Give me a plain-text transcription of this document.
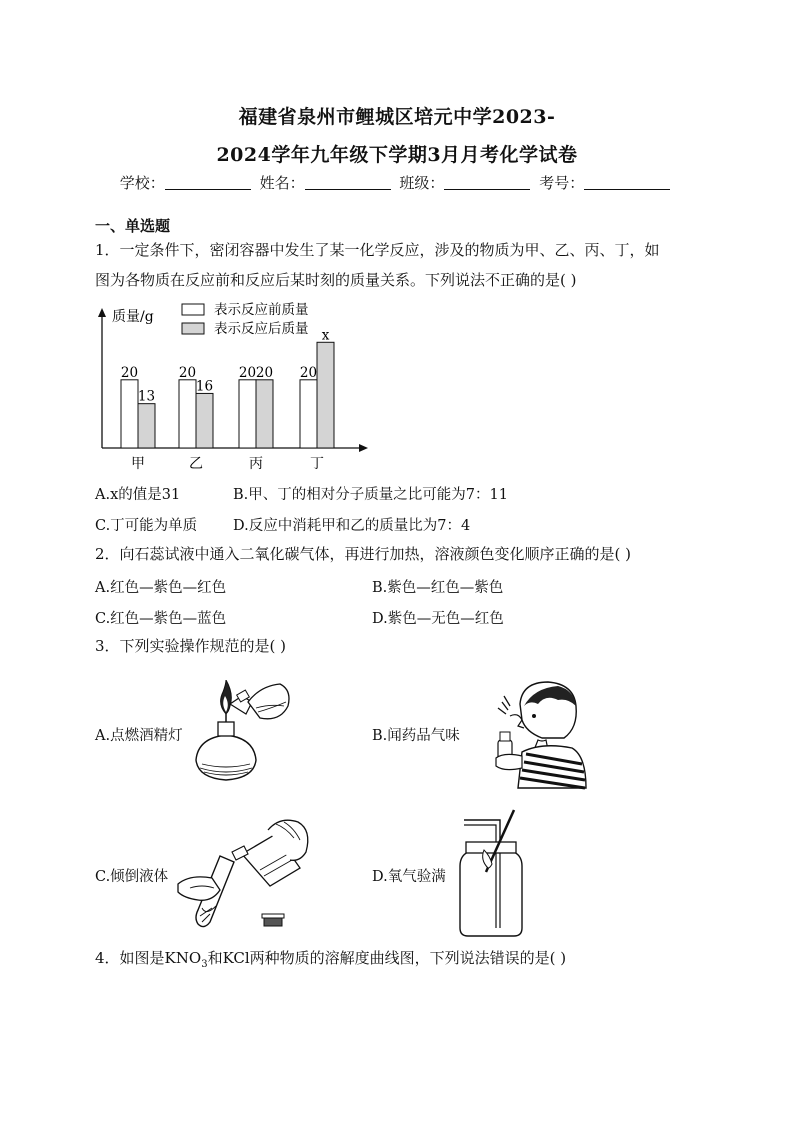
福建省泉州市鲤城区培元中学2023-
2024学年九年级下学期3月月考化学试卷
学校：	姓名：	班级：	考号：
一、单选题
1．一定条件下，密闭容器中发生了某一化学反应，涉及的物质为甲、乙、丙、丁，如
图为各物质在反应前和反应后某时刻的质量关系。下列说法不正确的是( )
质量/g	表示反应前质量
表示反应后质量
20
13
甲
20
16
乙
20 20
丙
20
x
丁
A.x的值是31	B.甲、丁的相对分子质量之比可能为7：11
C.丁可能为单质 D.反应中消耗甲和乙的质量比为7：4
2．向石蕊试液中通入二氧化碳气体，再进行加热，溶液颜色变化顺序正确的是( )
A.红色—紫色—红色	B.紫色—红色—紫色
C.红色—紫色—蓝色	D.紫色—无色—红色
3．下列实验操作规范的是( )
A.点燃酒精灯	B.闻药品气味
C.倾倒液体	D.氧气验满
4．如图是$KNO_3$和KCl两种物质的溶解度曲线图，下列说法错误的是( )
